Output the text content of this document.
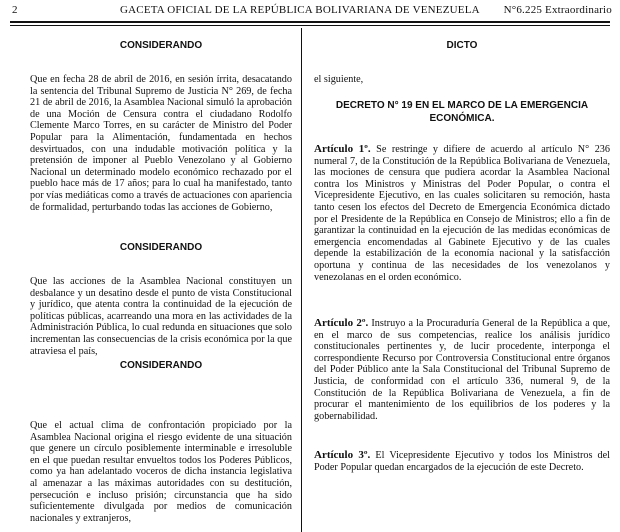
2	GACETA OFICIAL DE LA REPÚBLICA BOLIVARIANA DE VENEZUELA	N°6.225 Extraordinario

CONSIDERANDO

Que en fecha 28 de abril de 2016, en sesión írrita, desacatando la sentencia del Tribunal Supremo de Justicia N° 269, de fecha 21 de abril de 2016, la Asamblea Nacional simuló la aprobación de una Moción de Censura contra el ciudadano Rodolfo Clemente Marco Torres, en su carácter de Ministro del Poder Popular para la Alimentación, fundamentada en hechos desvirtuados, con una indudable motivación política y la pretensión de imponer al Pueblo Venezolano y al Gobierno Nacional un determinado modelo económico rechazado por el pueblo hace más de 17 años; para lo cual ha manifestado, tanto por vías mediáticas como a través de actuaciones con apariencia de formalidad, perturbando todas las acciones de Gobierno,

CONSIDERANDO

Que las acciones de la Asamblea Nacional constituyen un desbalance y un desatino desde el punto de vista Constitucional y jurídico, que atenta contra la continuidad de la ejecución de políticas públicas, acarreando una mora en las actividades de la Administración Pública, lo cual redunda en situaciones que solo incrementan las consecuencias de la crisis económica por la que atraviesa el país,

CONSIDERANDO

Que el actual clima de confrontación propiciado por la Asamblea Nacional origina el riesgo evidente de una situación que genere un círculo posiblemente interminable e irresoluble en el que puedan resultar envueltos todos los Poderes Públicos, como ya han adelantado voceros de dicha instancia legislativa al amenazar a las máximas autoridades con su destitución, persecución e incluso prisión; circunstancia que ha sido suficientemente divulgada por medios de comunicación nacionales y extranjeros,

DICTO

el siguiente,

DECRETO N° 19 EN EL MARCO DE LA EMERGENCIA

ECONÓMICA.

Artículo 1º. Se restringe y difiere de acuerdo al artículo N° 236 numeral 7, de la Constitución de la República Bolivariana de Venezuela, las mociones de censura que pudiera acordar la Asamblea Nacional contra los Ministros y Ministras del Poder Popular, o contra el Vicepresidente Ejecutivo, en las cuales solicitaren su remoción, hasta tanto cesen los efectos del Decreto de Emergencia Económica dictado por el Presidente de la República en Consejo de Ministros; ello a fin de garantizar la continuidad en la ejecución de las medidas económicas de emergencia encomendadas al Gabinete Ejecutivo y de las cuales depende la estabilización de la economía nacional y la satisfacción oportuna y continua de las necesidades de los venezolanos y venezolanas en el orden económico.

Artículo 2º. Instruyo a la Procuraduría General de la República a que, en el marco de sus competencias, realice los análisis jurídico constitucionales pertinentes y, de lucir procedente, interponga el correspondiente Recurso por Controversia Constitucional entre órganos del Poder Público ante la Sala Constitucional del Tribunal Supremo de Justicia, de conformidad con el artículo 336, numeral 9, de la Constitución de la República Bolivariana de Venezuela, a fin de procurar el mantenimiento de los equilibrios de los poderes y la gobernabilidad.

Artículo 3º. El Vicepresidente Ejecutivo y todos los Ministros del Poder Popular quedan encargados de la ejecución de este Decreto.
